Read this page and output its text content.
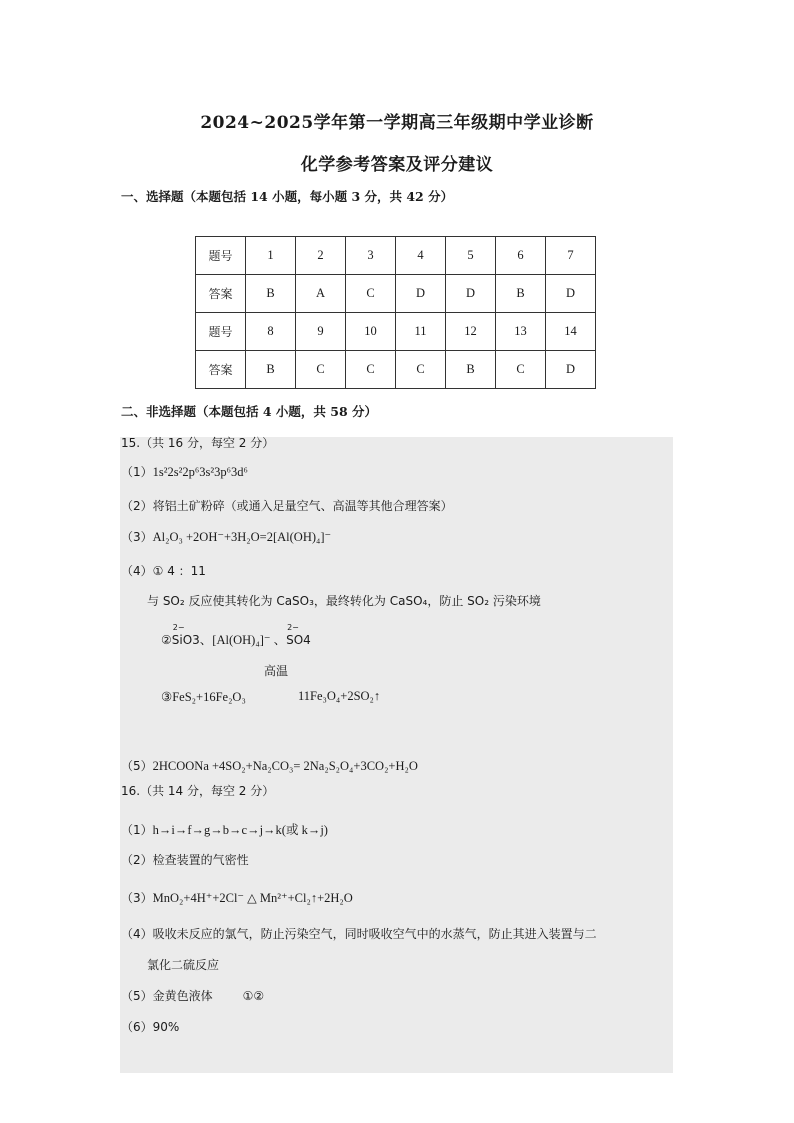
2024~2025学年第一学期高三年级期中学业诊断
化学参考答案及评分建议
一、选择题（本题包括 14 小题，每小题 3 分，共 42 分）
题号	1	2	3	4	5	6	7
答案	B	A	C	D	D	B	D
题号	8	9	10	11	12	13	14
答案	B	C	C	C	B	C	D
二、非选择题（本题包括 4 小题，共 58 分）
15.（共 16 分，每空 2 分）
（1）1s²2s²2p⁶3s²3p⁶3d⁶
（2）将铝土矿粉碎（或通入足量空气、高温等其他合理答案）
（3）Al₂O₃ +2OH⁻+3H₂O=2[Al(OH)₄]⁻
（4）① 4 ：11
与 SO₂ 反应使其转化为 CaSO₃，最终转化为 CaSO₄，防止 SO₂ 污染环境
②SiO3
2−
、[Al(OH)₄]⁻ 、SO4
2−
高温
③FeS₂+16Fe₂O₃	11Fe₃O₄+2SO₂↑
（5）2HCOONa +4SO₂+Na₂CO₃= 2Na₂S₂O₄+3CO₂+H₂O
16.（共 14 分，每空 2 分）
（1）h→i→f→g→b→c→j→k(或 k→j)
（2）检查装置的气密性
（3）MnO₂+4H⁺+2Cl⁻ △ Mn²⁺+Cl₂↑+2H₂O
（4）吸收未反应的氯气，防止污染空气，同时吸收空气中的水蒸气，防止其进入装置与二
氯化二硫反应
（5）金黄色液体	①②
（6）90%
